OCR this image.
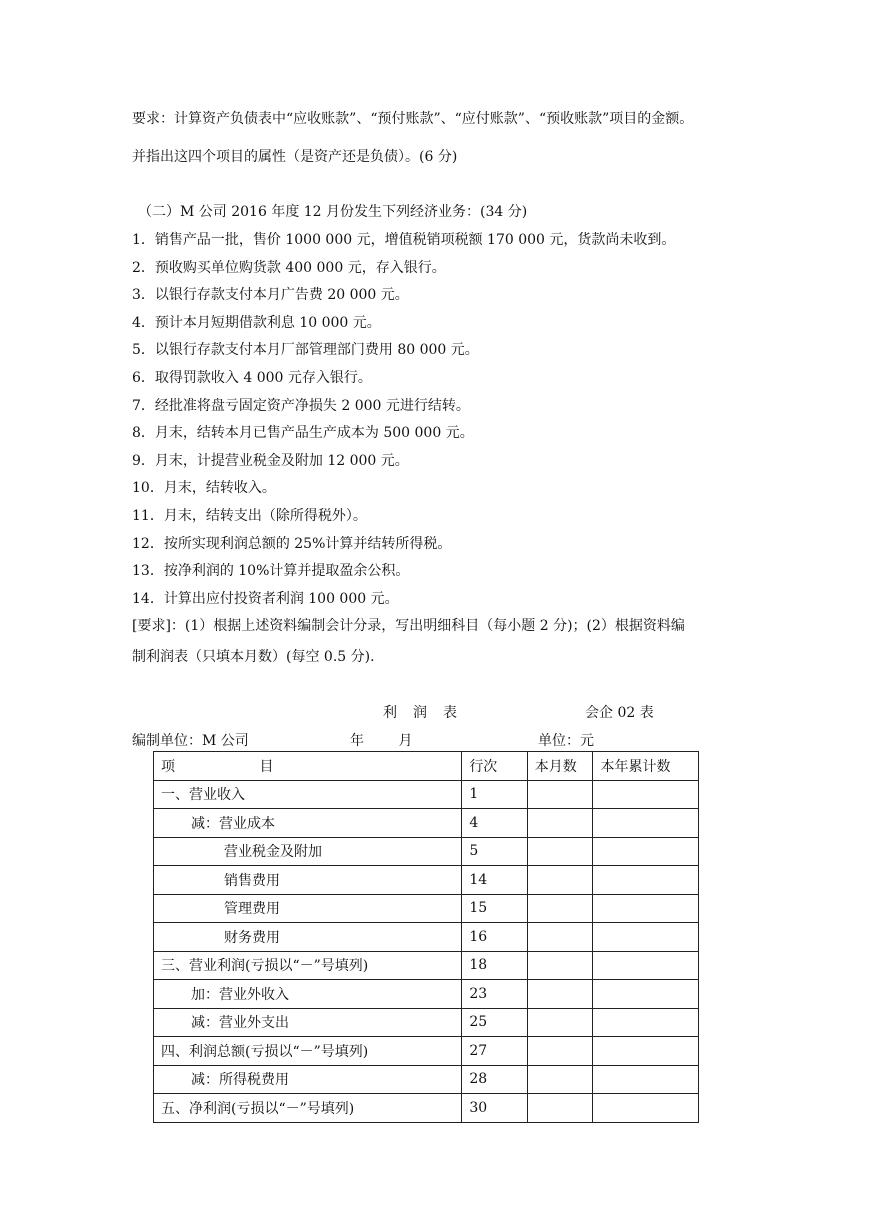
要求：计算资产负债表中“应收账款”、“预付账款”、“应付账款”、“预收账款”项目的金额。
并指出这四个项目的属性（是资产还是负债）。(6 分)
（二）M 公司 2016 年度 12 月份发生下列经济业务：(34 分)
1．销售产品一批，售价 1000 000 元，增值税销项税额 170 000 元，货款尚未收到。
2．预收购买单位购货款 400 000 元，存入银行。
3．以银行存款支付本月广告费 20 000 元。
4．预计本月短期借款利息 10 000 元。
5．以银行存款支付本月厂部管理部门费用 80 000 元。
6．取得罚款收入 4 000 元存入银行。
7．经批准将盘亏固定资产净损失 2 000 元进行结转。
8．月末，结转本月已售产品生产成本为 500 000 元。
9．月末，计提营业税金及附加 12 000 元。
10．月末，结转收入。
11．月末，结转支出（除所得税外）。
12．按所实现利润总额的 25%计算并结转所得税。
13．按净利润的 10%计算并提取盈余公积。
14．计算出应付投资者利润 100 000 元。
[要求]：(1）根据上述资料编制会计分录，写出明细科目（每小题 2 分)；(2）根据资料编
制利润表（只填本月数）(每空 0.5 分)．
利润表	会企 02 表
编制单位：M 公司	年 月	单位：元
项 目	行次	本月数	本年累计数
一、营业收入	1		
减：营业成本	4		
营业税金及附加	5		
销售费用	14		
管理费用	15		
财务费用	16		
三、营业利润(亏损以“－”号填列)	18		
加：营业外收入	23		
减：营业外支出	25		
四、利润总额(亏损以“－”号填列)	27		
减：所得税费用	28		
五、净利润(亏损以“－”号填列)	30		
